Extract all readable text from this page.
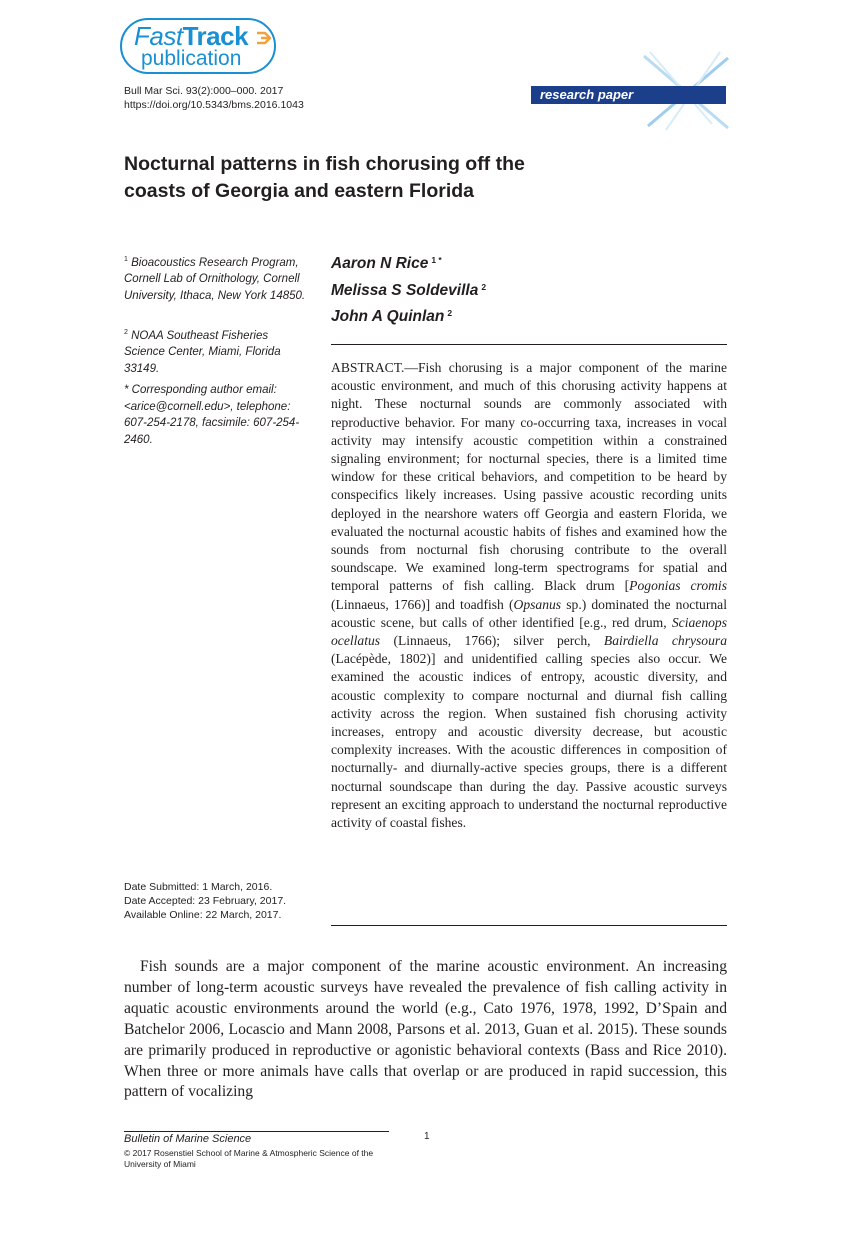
FastTrack
publication
Bull Mar Sci. 93(2):000–000. 2017
https://doi.org/10.5343/bms.2016.1043
research paper
Nocturnal patterns in fish chorusing off the
coasts of Georgia and eastern Florida
$^1$ Bioacoustics Research Program, Cornell Lab of Ornithology, Cornell University, Ithaca, New York 14850.
$^2$ NOAA Southeast Fisheries Science Center, Miami, Florida 33149.
* Corresponding author email: <arice@cornell.edu>, telephone: 607-254-2178, facsimile: 607-254-2460.
Aaron N Rice $^{1 *}$
Melissa S Soldevilla $^2$
John A Quinlan $^2$
ABSTRACT.—Fish chorusing is a major component of the marine acoustic environment, and much of this chorusing activity happens at night. These nocturnal sounds are commonly associated with reproductive behavior. For many co-occurring taxa, increases in vocal activity may intensify acoustic competition within a constrained signaling environment; for nocturnal species, there is a limited time window for these critical behaviors, and competition to be heard by conspecifics likely increases. Using passive acoustic recording units deployed in the nearshore waters off Georgia and eastern Florida, we evaluated the nocturnal acoustic habits of fishes and examined how the sounds from nocturnal fish chorusing contribute to the overall soundscape. We examined long-term spectrograms for spatial and temporal patterns of fish calling. Black drum [Pogonias cromis (Linnaeus, 1766)] and toadfish (Opsanus sp.) dominated the nocturnal acoustic scene, but calls of other identified [e.g., red drum, Sciaenops ocellatus (Linnaeus, 1766); silver perch, Bairdiella chrysoura (Lacépède, 1802)] and unidentified calling species also occur. We examined the acoustic indices of entropy, acoustic diversity, and acoustic complexity to compare nocturnal and diurnal fish calling activity across the region. When sustained fish chorusing activity increases, entropy and acoustic diversity decrease, but acoustic complexity increases. With the acoustic differences in composition of nocturnally- and diurnally-active species groups, there is a different nocturnal soundscape than during the day. Passive acoustic surveys represent an exciting approach to understand the nocturnal reproductive activity of coastal fishes.
Date Submitted: 1 March, 2016.
Date Accepted: 23 February, 2017.
Available Online: 22 March, 2017.
Fish sounds are a major component of the marine acoustic environment. An increasing number of long-term acoustic surveys have revealed the prevalence of fish calling activity in aquatic acoustic environments around the world (e.g., Cato 1976, 1978, 1992, D’Spain and Batchelor 2006, Locascio and Mann 2008, Parsons et al. 2013, Guan et al. 2015). These sounds are primarily produced in reproductive or agonistic behavioral contexts (Bass and Rice 2010). When three or more animals have calls that overlap or are produced in rapid succession, this pattern of vocalizing
Bulletin of Marine Science
© 2017 Rosenstiel School of Marine & Atmospheric Science of the University of Miami
1
